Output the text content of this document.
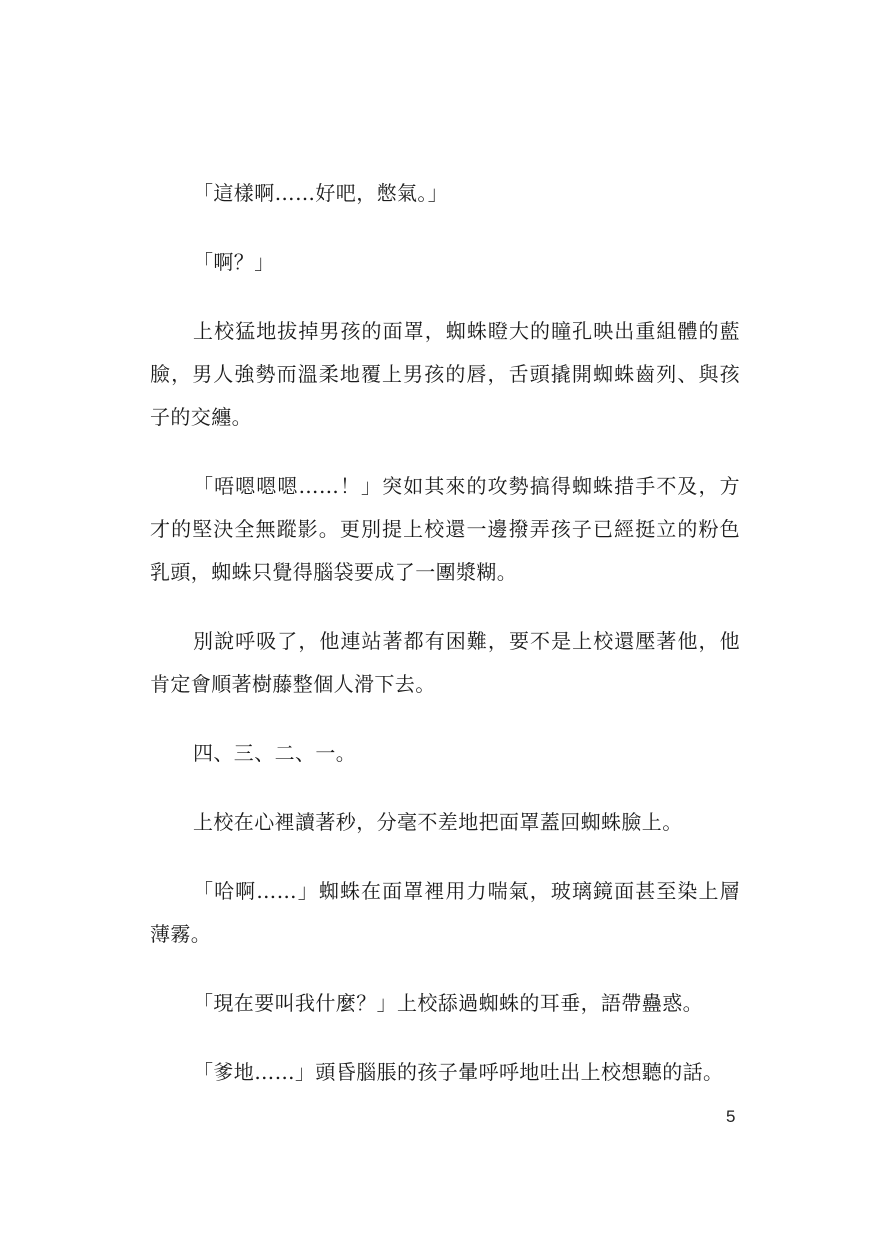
「這樣啊……好吧，憋氣。」

「啊？」

上校猛地拔掉男孩的面罩，蜘蛛瞪大的瞳孔映出重組體的藍臉，男人強勢而溫柔地覆上男孩的唇，舌頭撬開蜘蛛齒列、與孩子的交纏。

「唔嗯嗯嗯……！」突如其來的攻勢搞得蜘蛛措手不及，方才的堅決全無蹤影。更別提上校還一邊撥弄孩子已經挺立的粉色乳頭，蜘蛛只覺得腦袋要成了一團漿糊。

別說呼吸了，他連站著都有困難，要不是上校還壓著他，他肯定會順著樹藤整個人滑下去。

四、三、二、一。

上校在心裡讀著秒，分毫不差地把面罩蓋回蜘蛛臉上。

「哈啊……」蜘蛛在面罩裡用力喘氣，玻璃鏡面甚至染上層薄霧。

「現在要叫我什麼？」上校舔過蜘蛛的耳垂，語帶蠱惑。

「爹地……」頭昏腦脹的孩子暈呼呼地吐出上校想聽的話。

5
